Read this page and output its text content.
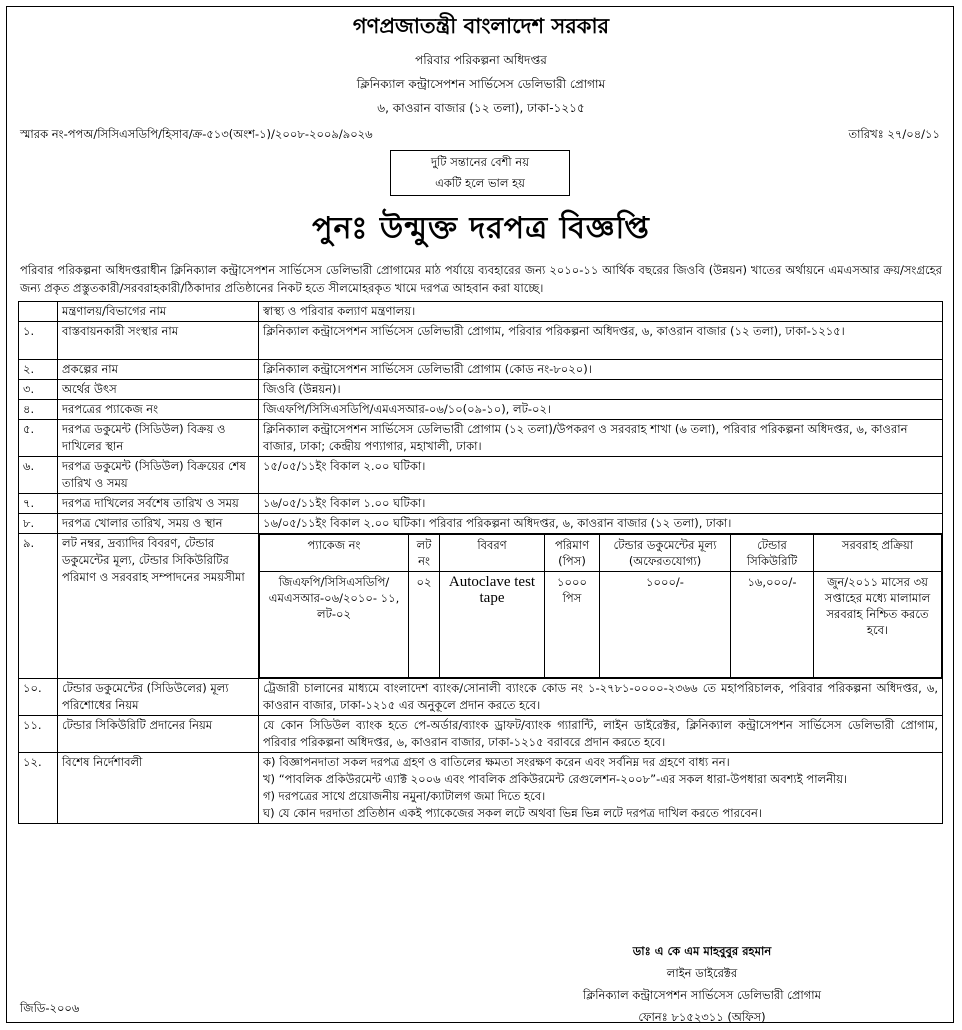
গণপ্রজাতন্ত্রী বাংলাদেশ সরকার
পরিবার পরিকল্পনা অধিদপ্তর
ক্লিনিক্যাল কন্ট্রাসেপশন সার্ভিসেস ডেলিভারী প্রোগাম
৬, কাওরান বাজার (১২ তলা), ঢাকা-১২১৫
স্মারক নং-পপঅ/সিসিএসডিপি/হিসাব/ক্র-৫১৩(অংশ-১)/২০০৮-২০০৯/৯০২৬	তারিখঃ ২৭/০৪/১১
দুটি সন্তানের বেশী নয়
একটি হলে ভাল হয়
পুনঃ উন্মুক্ত দরপত্র বিজ্ঞপ্তি
পরিবার পরিকল্পনা অধিদপ্তরাধীন ক্লিনিক্যাল কন্ট্রাসেপশন সার্ভিসেস ডেলিভারী প্রোগামের মাঠ পর্যায়ে ব্যবহারের জন্য ২০১০-১১ আর্থিক বছরের জিওবি (উন্নয়ন) খাতের অর্থায়নে এমএসআর ক্রয়/সংগ্রহের জন্য প্রকৃত প্রস্তুতকারী/সরবরাহকারী/ঠিকাদার প্রতিষ্ঠানের নিকট হতে সীলমোহরকৃত খামে দরপত্র আহবান করা যাচ্ছে।
	মন্ত্রণালয়/বিভাগের নাম	স্বাস্থ্য ও পরিবার কল্যাণ মন্ত্রণালয়।
১.	বাস্তবায়নকারী সংস্থার নাম	ক্লিনিক্যাল কন্ট্রাসেপশন সার্ভিসেস ডেলিভারী প্রোগাম, পরিবার পরিকল্পনা অধিদপ্তর, ৬, কাওরান বাজার (১২ তলা), ঢাকা-১২১৫।
২.	প্রকল্পের নাম	ক্লিনিক্যাল কন্ট্রাসেপশন সার্ভিসেস ডেলিভারী প্রোগাম (কোড নং-৮০২০)।
৩.	অর্থের উৎস	জিওবি (উন্নয়ন)।
৪.	দরপত্রের প্যাকেজ নং	জিএফপি/সিসিএসডিপি/এমএসআর-০৬/১০(০৯-১০), লট-০২।
৫.	দরপত্র ডকুমেন্ট (সিডিউল) বিক্রয় ও দাখিলের স্থান	ক্লিনিক্যাল কন্ট্রাসেপশন সার্ভিসেস ডেলিভারী প্রোগাম (১২ তলা)/উপকরণ ও সরবরাহ শাখা (৬ তলা), পরিবার পরিকল্পনা অধিদপ্তর, ৬, কাওরান বাজার, ঢাকা; কেন্দ্রীয় পণ্যাগার, মহাখালী, ঢাকা।
৬.	দরপত্র ডকুমেন্ট (সিডিউল) বিক্রয়ের শেষ তারিখ ও সময়	১৫/০৫/১১ইং বিকাল ২.০০ ঘটিকা।
৭.	দরপত্র দাখিলের সর্বশেষ তারিখ ও সময়	১৬/০৫/১১ইং বিকাল ১.০০ ঘটিকা।
৮.	দরপত্র খোলার তারিখ, সময় ও স্থান	১৬/০৫/১১ইং বিকাল ২.০০ ঘটিকা। পরিবার পরিকল্পনা অধিদপ্তর, ৬, কাওরান বাজার (১২ তলা), ঢাকা।
৯.	লট নম্বর, দ্রব্যাদির বিবরণ, টেন্ডার ডকুমেন্টের মূল্য, টেন্ডার সিকিউরিটির পরিমাণ ও সরবরাহ সম্পাদনের সময়সীমা	
প্যাকেজ নং	লট নং	বিবরণ	পরিমাণ (পিস)	টেন্ডার ডকুমেন্টের মূল্য (অফেরতযোগ্য)	টেন্ডার সিকিউরিটি	সরবরাহ প্রক্রিয়া
জিএফপি/সিসিএসডিপি/ এমএসআর-০৬/২০১০- ১১, লট-০২	০২	Autoclave test tape	১০০০ পিস	১০০০/-	১৬,০০০/-	জুন/২০১১ মাসের ৩য় সপ্তাহের মধ্যে মালামাল সরবরাহ নিশ্চিত করতে হবে।

১০.	টেন্ডার ডকুমেন্টের (সিডিউলের) মূল্য পরিশোধের নিয়ম	ট্রেজারী চালানের মাধ্যমে বাংলাদেশ ব্যাংক/সোনালী ব্যাংকে কোড নং ১-২৭৮১-০০০০-২৩৬৬ তে মহাপরিচালক, পরিবার পরিকল্পনা অধিদপ্তর, ৬, কাওরান বাজার, ঢাকা-১২১৫ এর অনুকূলে প্রদান করতে হবে।
১১.	টেন্ডার সিকিউরিটি প্রদানের নিয়ম	যে কোন সিডিউল ব্যাংক হতে পে-অর্ডার/ব্যাংক ড্রাফট/ব্যাংক গ্যারান্টি, লাইন ডাইরেক্টর, ক্লিনিক্যাল কন্ট্রাসেপশন সার্ভিসেস ডেলিভারী প্রোগাম, পরিবার পরিকল্পনা অধিদপ্তর, ৬, কাওরান বাজার, ঢাকা-১২১৫ বরাবরে প্রদান করতে হবে।
১২.	বিশেষ নির্দেশাবলী	ক) বিজ্ঞাপনদাতা সকল দরপত্র গ্রহণ ও বাতিলের ক্ষমতা সংরক্ষণ করেন এবং সর্বনিম্ন দর গ্রহণে বাধ্য নন।
খ) “পাবলিক প্রকিউরমেন্ট এ্যাক্ট ২০০৬ এবং পাবলিক প্রকিউরমেন্ট রেগুলেশন-২০০৮”-এর সকল ধারা-উপধারা অবশ্যই পালনীয়।
গ) দরপত্রের সাথে প্রয়োজনীয় নমুনা/ক্যাটালগ জমা দিতে হবে।
ঘ) যে কোন দরদাতা প্রতিষ্ঠান একই প্যাকেজের সকল লটে অথবা ভিন্ন ভিন্ন লটে দরপত্র দাখিল করতে পারবেন।
ডাঃ এ কে এম মাহবুবুর রহমান
লাইন ডাইরেক্টর
ক্লিনিক্যাল কন্ট্রাসেপশন সার্ভিসেস ডেলিভারী প্রোগাম
ফোনঃ ৮১৫২৩১১ (অফিস)
জিডি-২০০৬
